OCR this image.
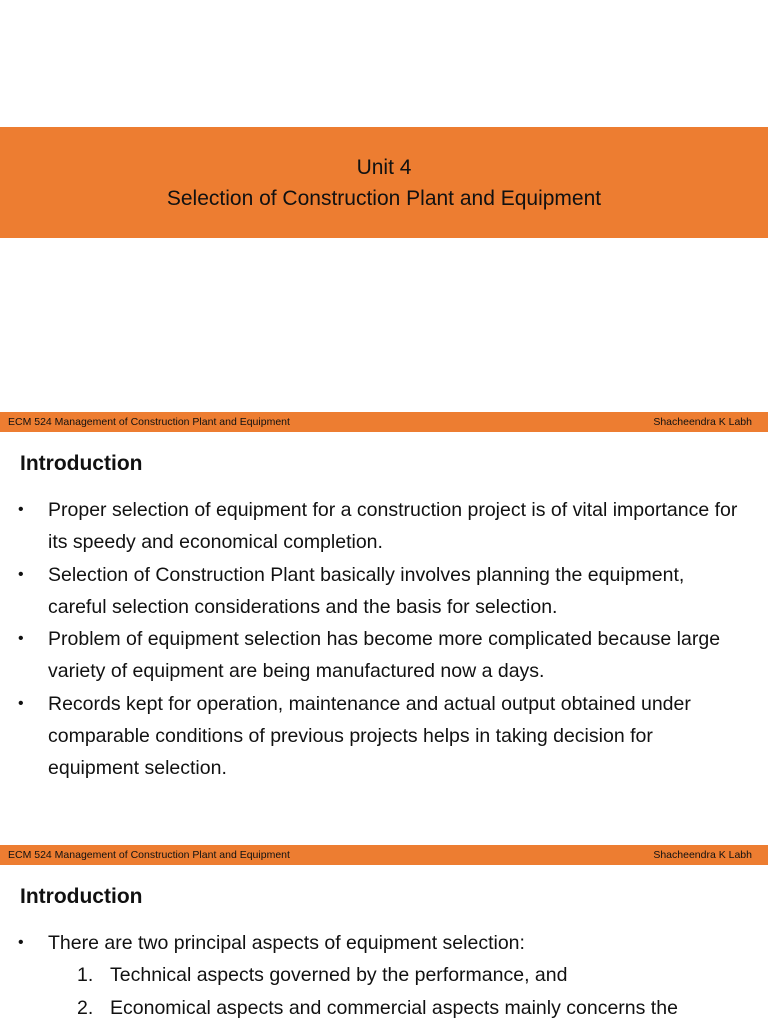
Unit 4
Selection of Construction Plant and Equipment
ECM 524 Management of Construction Plant and Equipment	Shacheendra K Labh
Introduction
• Proper selection of equipment for a construction project is of vital importance for its speedy and economical completion.
• Selection of Construction Plant basically involves planning the equipment, careful selection considerations and the basis for selection.
• Problem of equipment selection has become more complicated because large variety of equipment are being manufactured now a days.
• Records kept for operation, maintenance and actual output obtained under comparable conditions of previous projects helps in taking decision for equipment selection.
ECM 524 Management of Construction Plant and Equipment	Shacheendra K Labh
Introduction
• There are two principal aspects of equipment selection:
1. Technical aspects governed by the performance, and
2. Economical aspects and commercial aspects mainly concerns the
